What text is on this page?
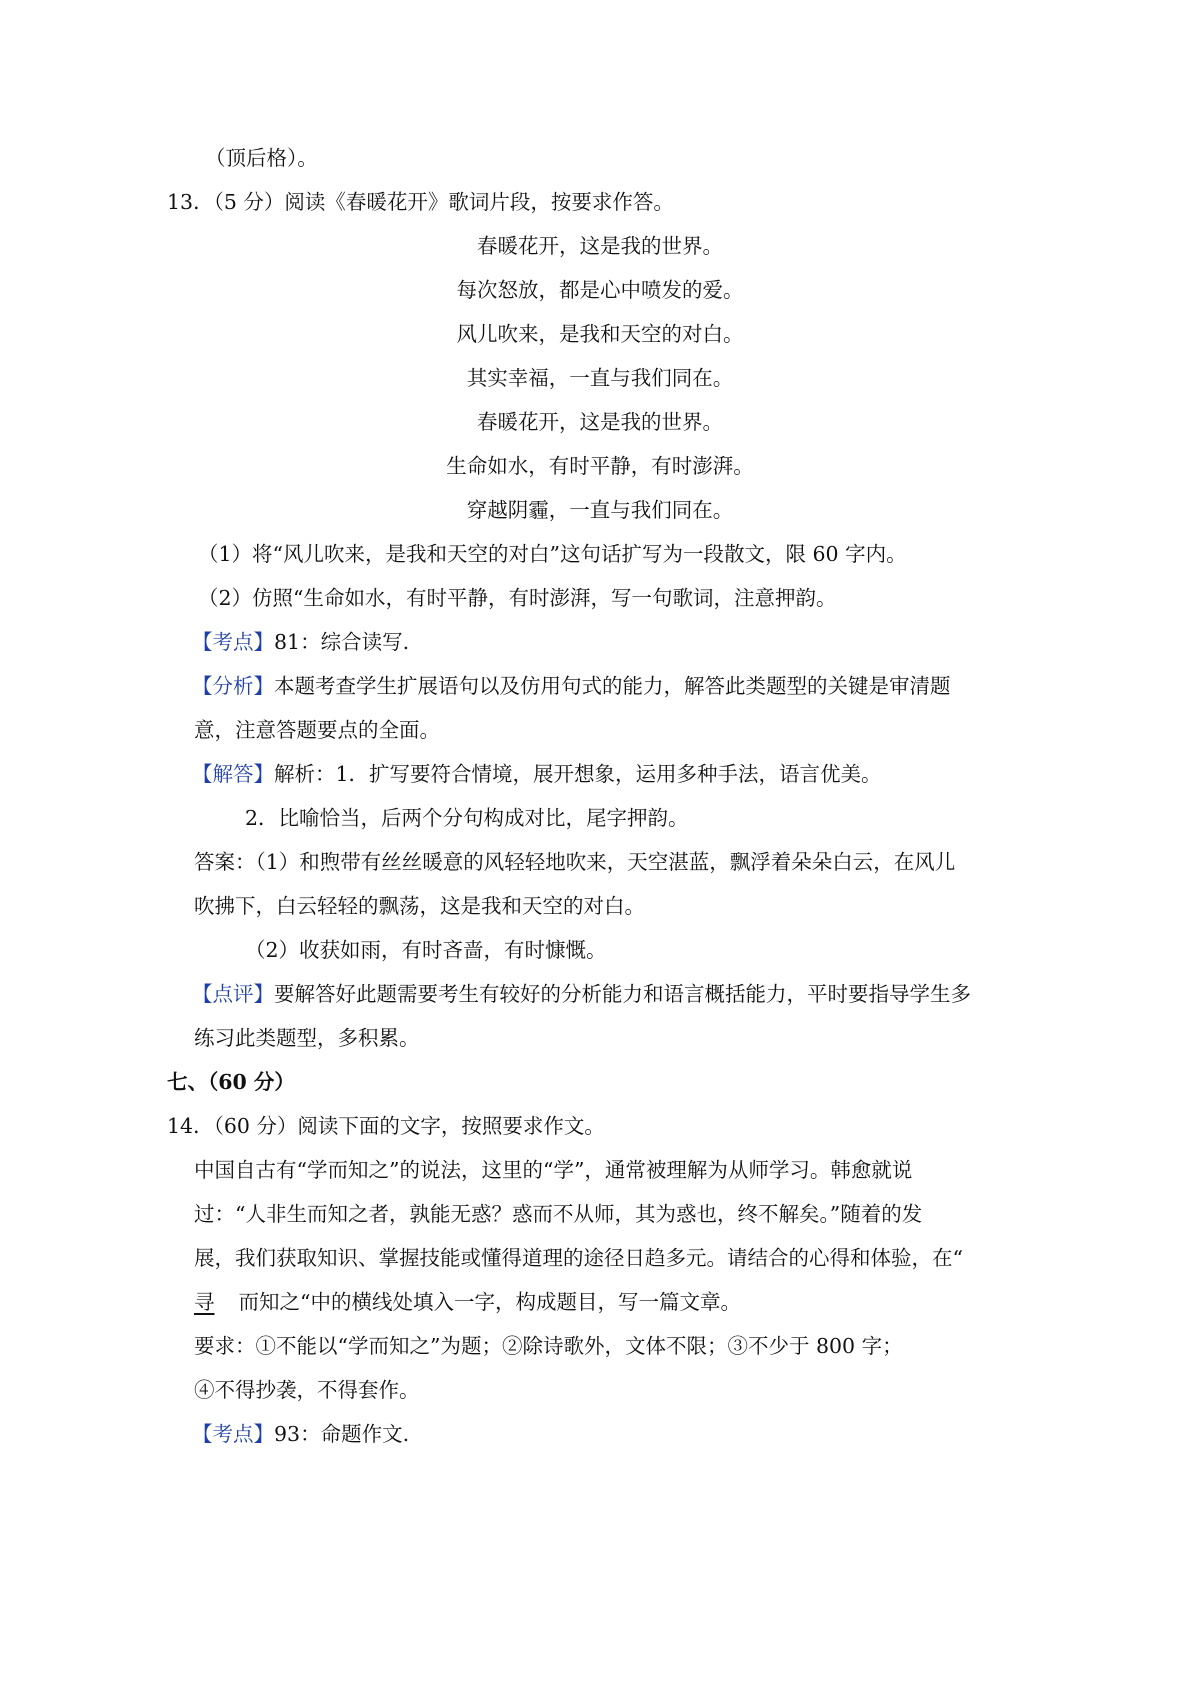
（顶后格）。
13．（5 分）阅读《春暖花开》歌词片段，按要求作答。
春暖花开，这是我的世界。
每次怒放，都是心中喷发的爱。
风儿吹来，是我和天空的对白。
其实幸福，一直与我们同在。
春暖花开，这是我的世界。
生命如水，有时平静，有时澎湃。
穿越阴霾，一直与我们同在。
（1）将“风儿吹来，是我和天空的对白”这句话扩写为一段散文，限 60 字内。
（2）仿照“生命如水，有时平静，有时澎湃，写一句歌词，注意押韵。
【考点】81：综合读写.
【分析】本题考查学生扩展语句以及仿用句式的能力，解答此类题型的关键是审清题
意，注意答题要点的全面。
【解答】解析：1．扩写要符合情境，展开想象，运用多种手法，语言优美。
2．比喻恰当，后两个分句构成对比，尾字押韵。
答案：（1）和煦带有丝丝暖意的风轻轻地吹来，天空湛蓝，飘浮着朵朵白云，在风儿
吹拂下，白云轻轻的飘荡，这是我和天空的对白。
（2）收获如雨，有时吝啬，有时慷慨。
【点评】要解答好此题需要考生有较好的分析能力和语言概括能力，平时要指导学生多
练习此类题型，多积累。
七、（60 分）
14．（60 分）阅读下面的文字，按照要求作文。
中国自古有“学而知之”的说法，这里的“学”，通常被理解为从师学习。韩愈就说
过：“人非生而知之者，孰能无惑？惑而不从师，其为惑也，终不解矣。”随着的发
展，我们获取知识、掌握技能或懂得道理的途径日趋多元。请结合的心得和体验，在“
寻 而知之“中的横线处填入一字，构成题目，写一篇文章。
要求：①不能以“学而知之”为题；②除诗歌外，文体不限；③不少于 800 字；
④不得抄袭，不得套作。
【考点】93：命题作文.
